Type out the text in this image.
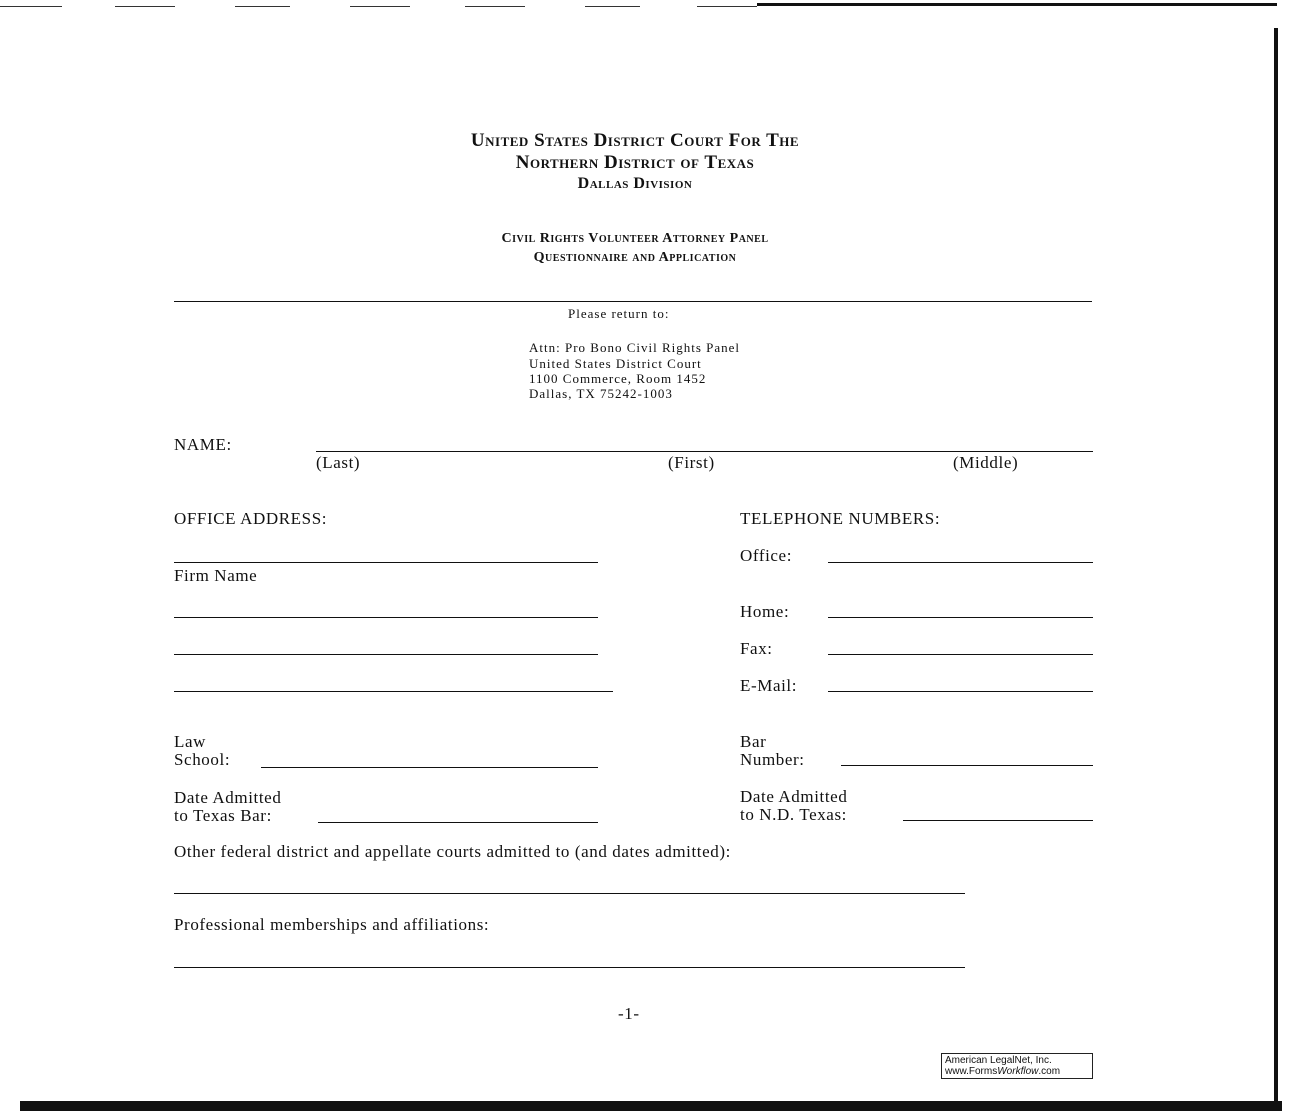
United States District Court For The
Northern District of Texas
Dallas Division
Civil Rights Volunteer Attorney Panel
Questionnaire and Application
Please return to:
Attn: Pro Bono Civil Rights Panel
United States District Court
1100 Commerce, Room 1452
Dallas, TX 75242-1003
NAME:
(Last)	(First)	(Middle)
OFFICE ADDRESS:
Firm Name
TELEPHONE NUMBERS:
Office:
Home:
Fax:
E-Mail:
Law
School:
Bar
Number:
Date Admitted
to Texas Bar:
Date Admitted
to N.D. Texas:
Other federal district and appellate courts admitted to (and dates admitted):
Professional memberships and affiliations:
-1-
American LegalNet, Inc.
www.FormsWorkflow.com
